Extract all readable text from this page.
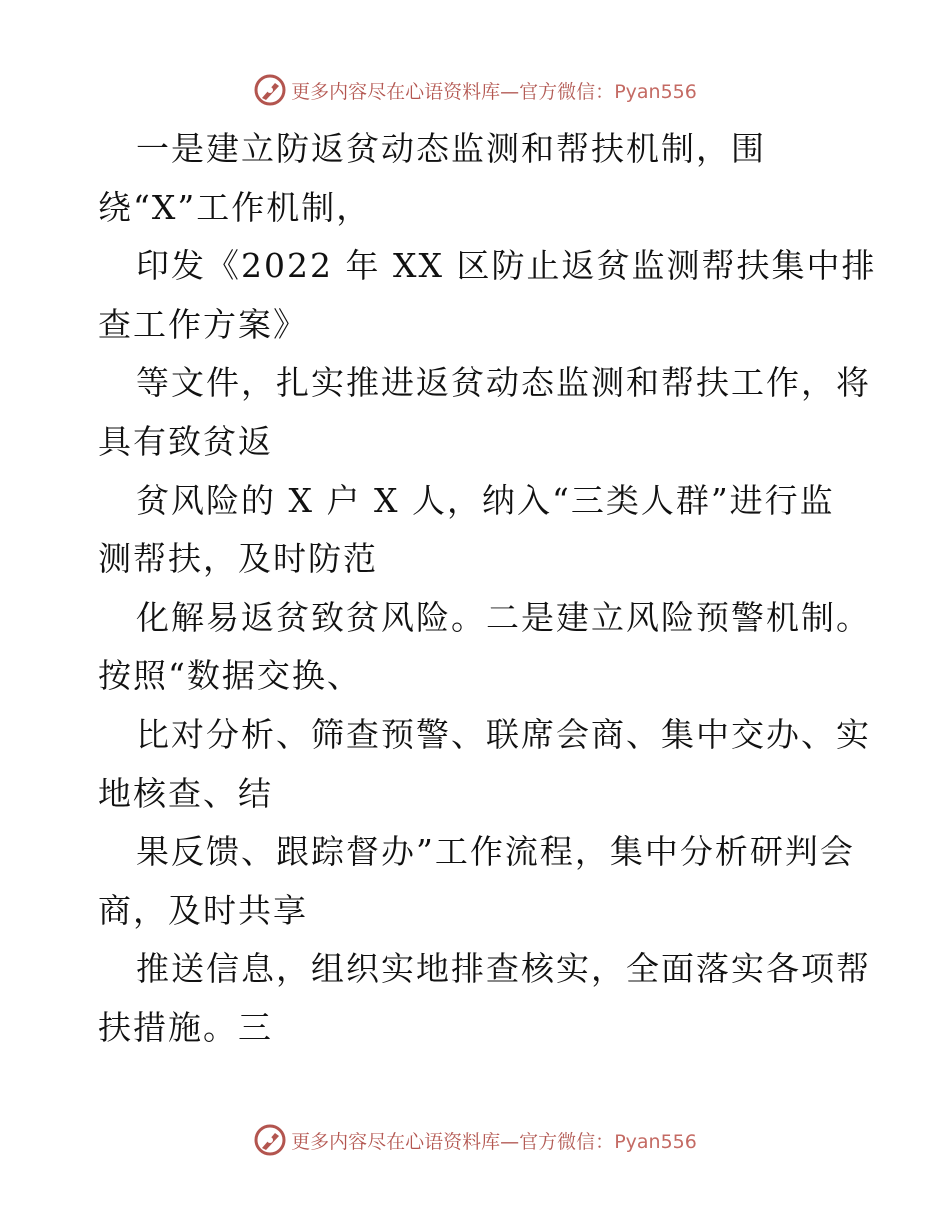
更多内容尽在心语资料库—官方微信：Pyan556
一是建立防返贫动态监测和帮扶机制，围
绕“X”工作机制，
印发《2022 年 XX 区防止返贫监测帮扶集中排
查工作方案》
等文件，扎实推进返贫动态监测和帮扶工作，将
具有致贫返
贫风险的 X 户 X 人，纳入“三类人群”进行监
测帮扶，及时防范
化解易返贫致贫风险。二是建立风险预警机制。
按照“数据交换、
比对分析、筛查预警、联席会商、集中交办、实
地核查、结
果反馈、跟踪督办”工作流程，集中分析研判会
商，及时共享
推送信息，组织实地排查核实，全面落实各项帮
扶措施。三
更多内容尽在心语资料库—官方微信：Pyan556
